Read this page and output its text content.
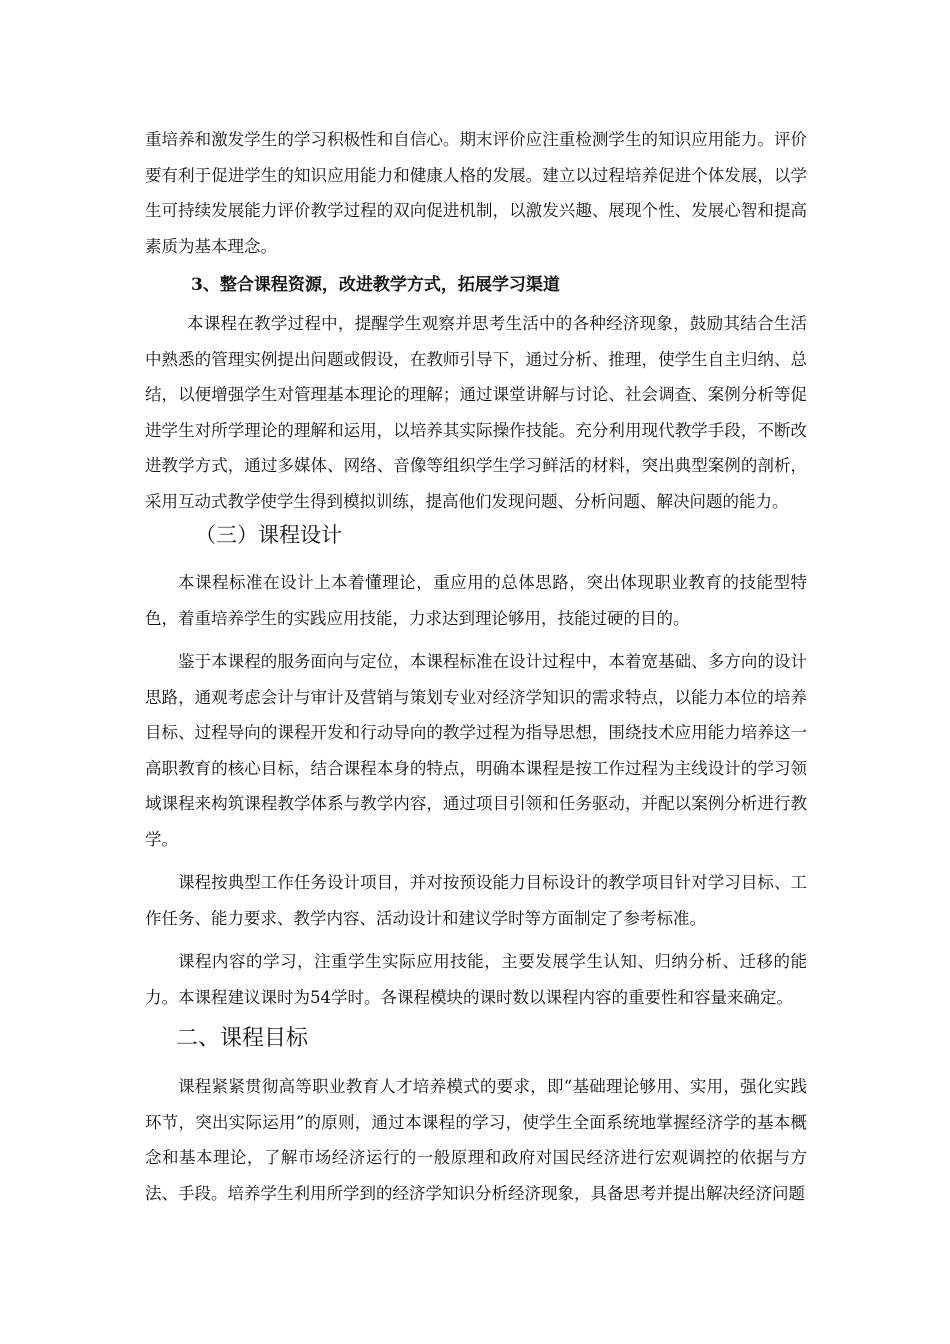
重培养和激发学生的学习积极性和自信心。期末评价应注重检测学生的知识应用能力。评价要有利于促进学生的知识应用能力和健康人格的发展。建立以过程培养促进个体发展，以学生可持续发展能力评价教学过程的双向促进机制，以激发兴趣、展现个性、发展心智和提高素质为基本理念。

3、整合课程资源，改进教学方式，拓展学习渠道

本课程在教学过程中，提醒学生观察并思考生活中的各种经济现象，鼓励其结合生活中熟悉的管理实例提出问题或假设，在教师引导下，通过分析、推理，使学生自主归纳、总结，以便增强学生对管理基本理论的理解；通过课堂讲解与讨论、社会调查、案例分析等促进学生对所学理论的理解和运用，以培养其实际操作技能。充分利用现代教学手段，不断改进教学方式，通过多媒体、网络、音像等组织学生学习鲜活的材料，突出典型案例的剖析，采用互动式教学使学生得到模拟训练，提高他们发现问题、分析问题、解决问题的能力。

（三）课程设计

本课程标准在设计上本着懂理论，重应用的总体思路，突出体现职业教育的技能型特色，着重培养学生的实践应用技能，力求达到理论够用，技能过硬的目的。

鉴于本课程的服务面向与定位，本课程标准在设计过程中，本着宽基础、多方向的设计思路，通观考虑会计与审计及营销与策划专业对经济学知识的需求特点，以能力本位的培养目标、过程导向的课程开发和行动导向的教学过程为指导思想，围绕技术应用能力培养这一高职教育的核心目标，结合课程本身的特点，明确本课程是按工作过程为主线设计的学习领域课程来构筑课程教学体系与教学内容，通过项目引领和任务驱动，并配以案例分析进行教学。

课程按典型工作任务设计项目，并对按预设能力目标设计的教学项目针对学习目标、工作任务、能力要求、教学内容、活动设计和建议学时等方面制定了参考标准。

课程内容的学习，注重学生实际应用技能，主要发展学生认知、归纳分析、迁移的能力。本课程建议课时为54学时。各课程模块的课时数以课程内容的重要性和容量来确定。

二、课程目标

课程紧紧贯彻高等职业教育人才培养模式的要求，即“基础理论够用、实用，强化实践环节，突出实际运用”的原则，通过本课程的学习，使学生全面系统地掌握经济学的基本概念和基本理论，了解市场经济运行的一般原理和政府对国民经济进行宏观调控的依据与方法、手段。培养学生利用所学到的经济学知识分析经济现象，具备思考并提出解决经济问题
